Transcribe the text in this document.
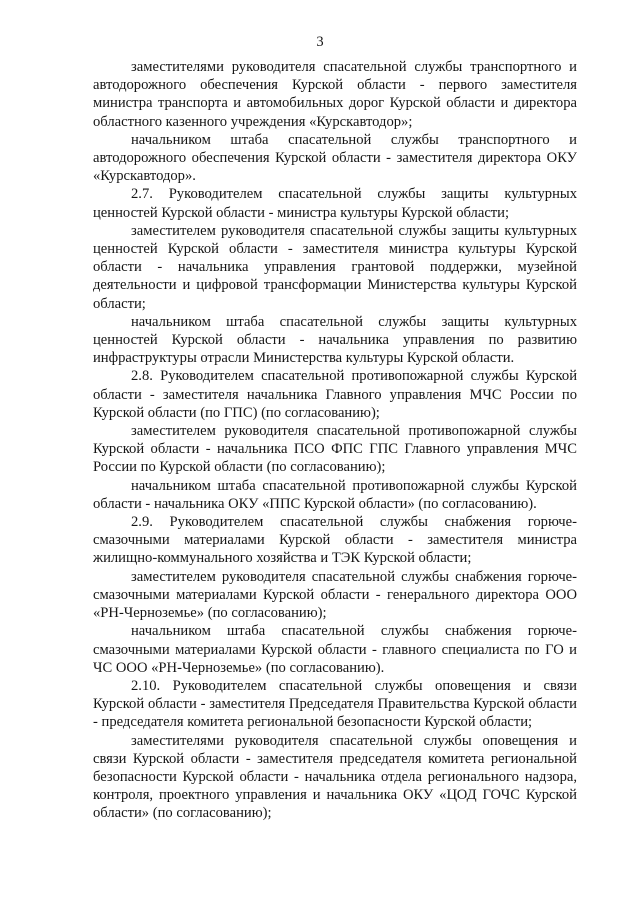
3

заместителями руководителя спасательной службы транспортного и автодорожного обеспечения Курской области - первого заместителя министра транспорта и автомобильных дорог Курской области и директора областного казенного учреждения «Курскавтодор»;

начальником штаба спасательной службы транспортного и автодорожного обеспечения Курской области - заместителя директора ОКУ «Курскавтодор».

2.7. Руководителем спасательной службы защиты культурных ценностей Курской области - министра культуры Курской области;

заместителем руководителя спасательной службы защиты культурных ценностей Курской области - заместителя министра культуры Курской области - начальника управления грантовой поддержки, музейной деятельности и цифровой трансформации Министерства культуры Курской области;

начальником штаба спасательной службы защиты культурных ценностей Курской области - начальника управления по развитию инфраструктуры отрасли Министерства культуры Курской области.

2.8. Руководителем спасательной противопожарной службы Курской области - заместителя начальника Главного управления МЧС России по Курской области (по ГПС) (по согласованию);

заместителем руководителя спасательной противопожарной службы Курской области - начальника ПСО ФПС ГПС Главного управления МЧС России по Курской области (по согласованию);

начальником штаба спасательной противопожарной службы Курской области - начальника ОКУ «ППС Курской области» (по согласованию).

2.9. Руководителем спасательной службы снабжения горюче-смазочными материалами Курской области - заместителя министра жилищно-коммунального хозяйства и ТЭК Курской области;

заместителем руководителя спасательной службы снабжения горюче-смазочными материалами Курской области - генерального директора ООО «РН-Черноземье» (по согласованию);

начальником штаба спасательной службы снабжения горюче-смазочными материалами Курской области - главного специалиста по ГО и ЧС ООО «РН-Черноземье» (по согласованию).

2.10. Руководителем спасательной службы оповещения и связи Курской области - заместителя Председателя Правительства Курской области - председателя комитета региональной безопасности Курской области;

заместителями руководителя спасательной службы оповещения и связи Курской области - заместителя председателя комитета региональной безопасности Курской области - начальника отдела регионального надзора, контроля, проектного управления и начальника ОКУ «ЦОД ГОЧС Курской области» (по согласованию);
